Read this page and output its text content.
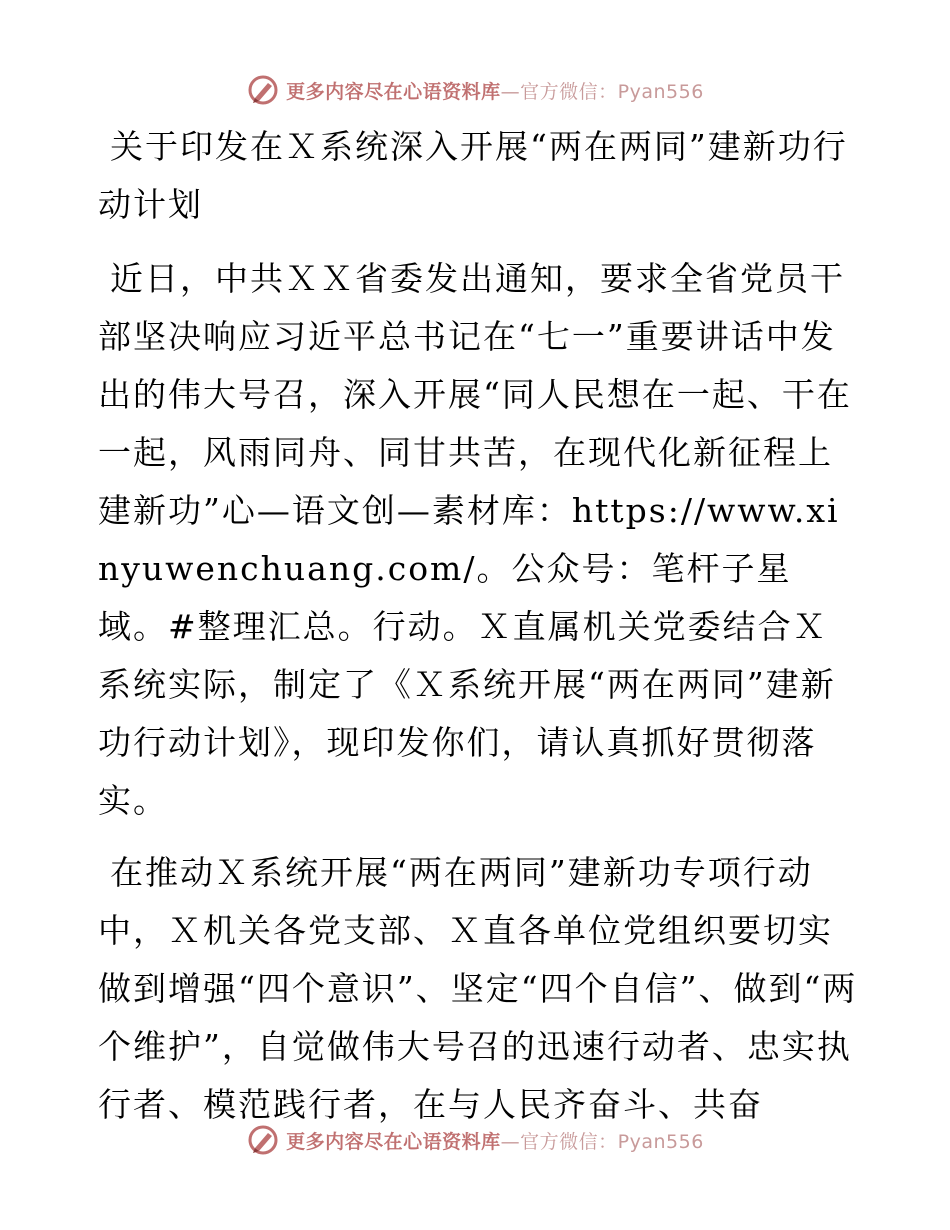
更多内容尽在心语资料库—官方微信：Pyan556
关于印发在Ｘ系统深入开展“两在两同”建新功行动计划

近日，中共ＸＸ省委发出通知，要求全省党员干部坚决响应习近平总书记在“七一”重要讲话中发出的伟大号召，深入开展“同人民想在一起、干在一起，风雨同舟、同甘共苦，在现代化新征程上建新功”心—语文创—素材库：https://www.xinyuwenchuang.com/。公众号：笔杆子星域。#整理汇总。行动。Ｘ直属机关党委结合Ｘ系统实际，制定了《Ｘ系统开展“两在两同”建新功行动计划》，现印发你们，请认真抓好贯彻落实。

在推动Ｘ系统开展“两在两同”建新功专项行动中，Ｘ机关各党支部、Ｘ直各单位党组织要切实做到增强“四个意识”、坚定“四个自信”、做到“两个维护”，自觉做伟大号召的迅速行动者、忠实执行者、模范践行者，在与人民齐奋斗、共奋

更多内容尽在心语资料库—官方微信：Pyan556
